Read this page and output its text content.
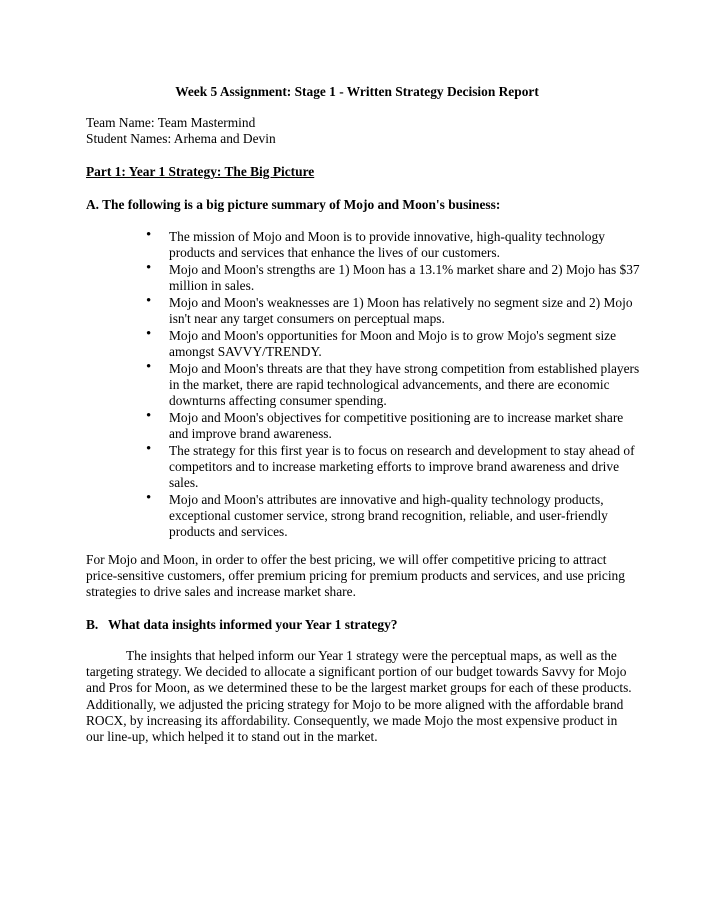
Week 5 Assignment: Stage 1 - Written Strategy Decision Report
Team Name: Team Mastermind
Student Names: Arhema and Devin
Part 1: Year 1 Strategy: The Big Picture
A. The following is a big picture summary of Mojo and Moon's business:
• The mission of Mojo and Moon is to provide innovative, high-quality technology products and services that enhance the lives of our customers.
• Mojo and Moon's strengths are 1) Moon has a 13.1% market share and 2) Mojo has $37 million in sales.
• Mojo and Moon's weaknesses are 1) Moon has relatively no segment size and 2) Mojo isn't near any target consumers on perceptual maps.
• Mojo and Moon's opportunities for Moon and Mojo is to grow Mojo's segment size amongst SAVVY/TRENDY.
• Mojo and Moon's threats are that they have strong competition from established players in the market, there are rapid technological advancements, and there are economic downturns affecting consumer spending.
• Mojo and Moon's objectives for competitive positioning are to increase market share and improve brand awareness.
• The strategy for this first year is to focus on research and development to stay ahead of competitors and to increase marketing efforts to improve brand awareness and drive sales.
• Mojo and Moon's attributes are innovative and high-quality technology products, exceptional customer service, strong brand recognition, reliable, and user-friendly products and services.
For Mojo and Moon, in order to offer the best pricing, we will offer competitive pricing to attract price-sensitive customers, offer premium pricing for premium products and services, and use pricing strategies to drive sales and increase market share.
B. What data insights informed your Year 1 strategy?
The insights that helped inform our Year 1 strategy were the perceptual maps, as well as the targeting strategy. We decided to allocate a significant portion of our budget towards Savvy for Mojo and Pros for Moon, as we determined these to be the largest market groups for each of these products. Additionally, we adjusted the pricing strategy for Mojo to be more aligned with the affordable brand ROCX, by increasing its affordability. Consequently, we made Mojo the most expensive product in our line-up, which helped it to stand out in the market.
